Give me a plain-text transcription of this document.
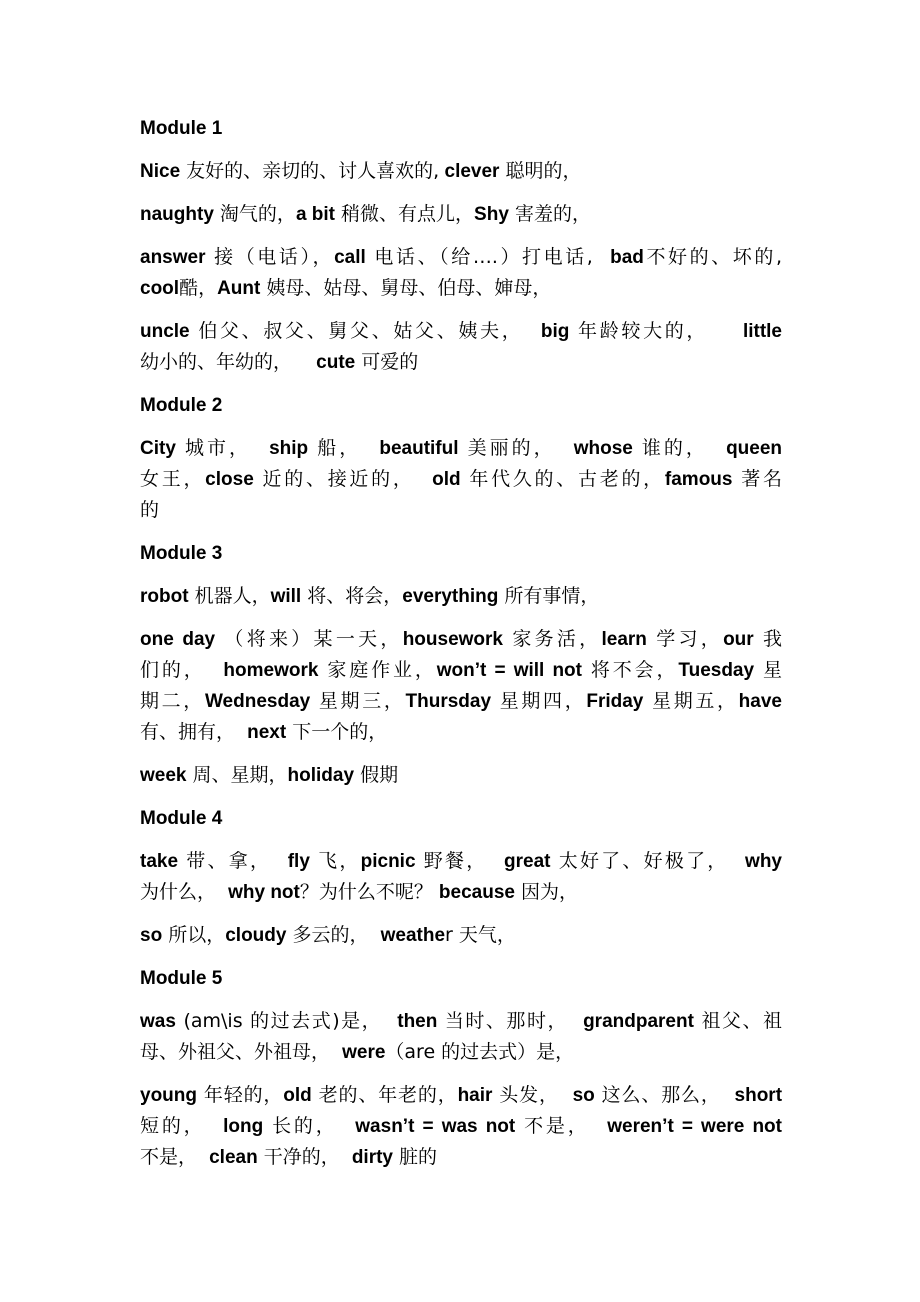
Module 1
Nice 友好的、亲切的、讨人喜欢的, clever 聪明的，
naughty 淘气的，a bit 稍微、有点儿，Shy 害羞的，
answer 接（电话），call 电话、（给….）打电话,  bad不好的、坏的,
cool酷，Aunt 姨母、姑母、舅母、伯母、婶母，
uncle 伯父、叔父、舅父、姑父、姨夫，  big 年龄较大的，    little
幼小的、年幼的，    cute 可爱的
Module 2
City 城市，  ship 船，  beautiful 美丽的，  whose 谁的，  queen
女王，close 近的、接近的，  old 年代久的、古老的，famous 著名
的
Module 3
robot 机器人，will 将、将会，everything 所有事情，
one day （将来）某一天，housework 家务活，learn 学习，our 我
们的，  homework 家庭作业，won’t = will not 将不会，Tuesday 星
期二，Wednesday 星期三，Thursday 星期四，Friday 星期五，have
有、拥有，  next 下一个的，
week 周、星期，holiday 假期
Module 4
take 带、拿，  fly 飞，picnic 野餐，  great 太好了、好极了，  why
为什么，  why not？为什么不呢？ because 因为，
so 所以，cloudy 多云的，  weather 天气，
Module 5
was (am\is 的过去式)是，  then 当时、那时，  grandparent 祖父、祖
母、外祖父、外祖母，  were（are 的过去式）是，
young 年轻的，old 老的、年老的，hair 头发，  so 这么、那么，  short
短的，  long 长的，  wasn’t = was not 不是，  weren’t = were not
不是，  clean 干净的，  dirty 脏的
